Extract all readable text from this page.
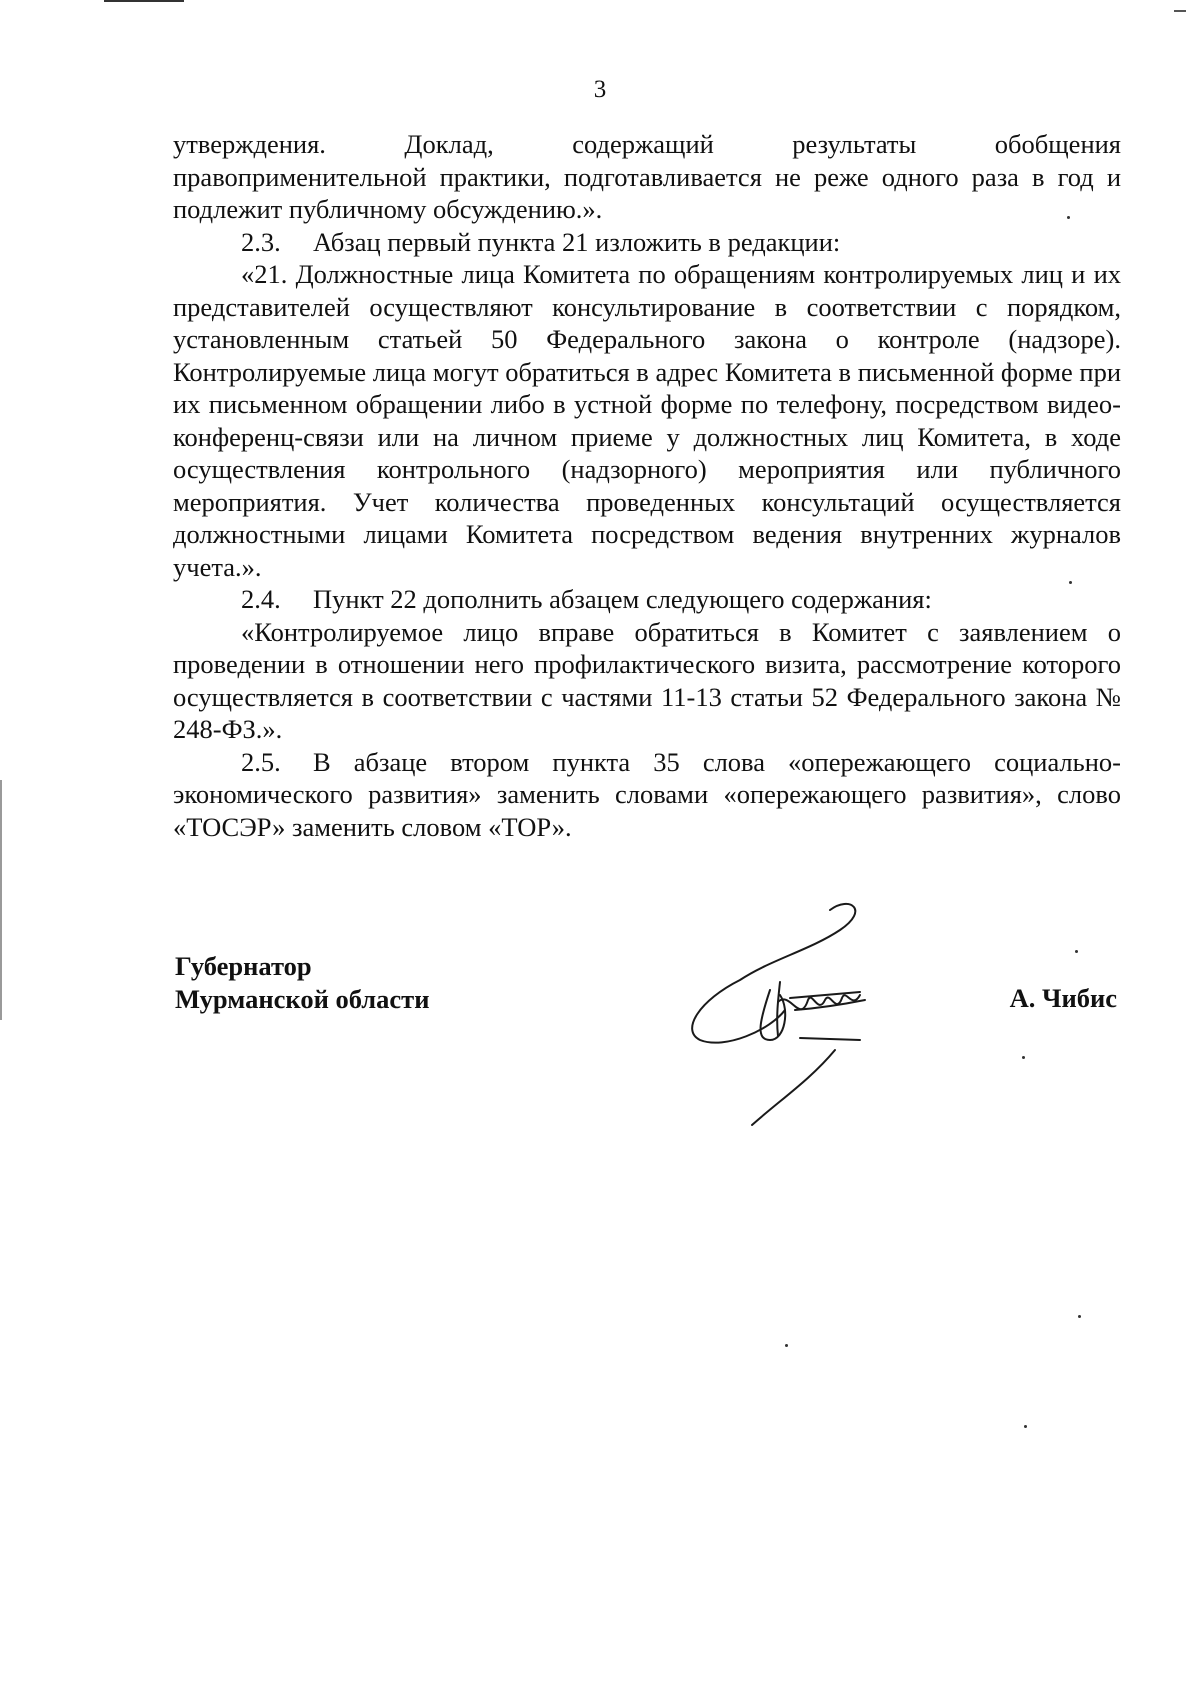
3

утверждения. Доклад, содержащий результаты обобщения

правоприменительной практики, подготавливается не реже одного раза в год и подлежит публичному обсуждению.».

2.3. Абзац первый пункта 21 изложить в редакции:

«21. Должностные лица Комитета по обращениям контролируемых лиц и их представителей осуществляют консультирование в соответствии с порядком, установленным статьей 50 Федерального закона о контроле (надзоре). Контролируемые лица могут обратиться в адрес Комитета в письменной форме при их письменном обращении либо в устной форме по телефону, посредством видео-конференц-связи или на личном приеме у должностных лиц Комитета, в ходе осуществления контрольного (надзорного) мероприятия или публичного мероприятия. Учет количества проведенных консультаций осуществляется должностными лицами Комитета посредством ведения внутренних журналов учета.».

2.4. Пункт 22 дополнить абзацем следующего содержания:

«Контролируемое лицо вправе обратиться в Комитет с заявлением о проведении в отношении него профилактического визита, рассмотрение которого осуществляется в соответствии с частями 11-13 статьи 52 Федерального закона № 248-ФЗ.».

2.5. В абзаце втором пункта 35 слова «опережающего социально-экономического развития» заменить словами «опережающего развития», слово «ТОСЭР» заменить словом «ТОР».

Губернатор
Мурманской области	А. Чибис
